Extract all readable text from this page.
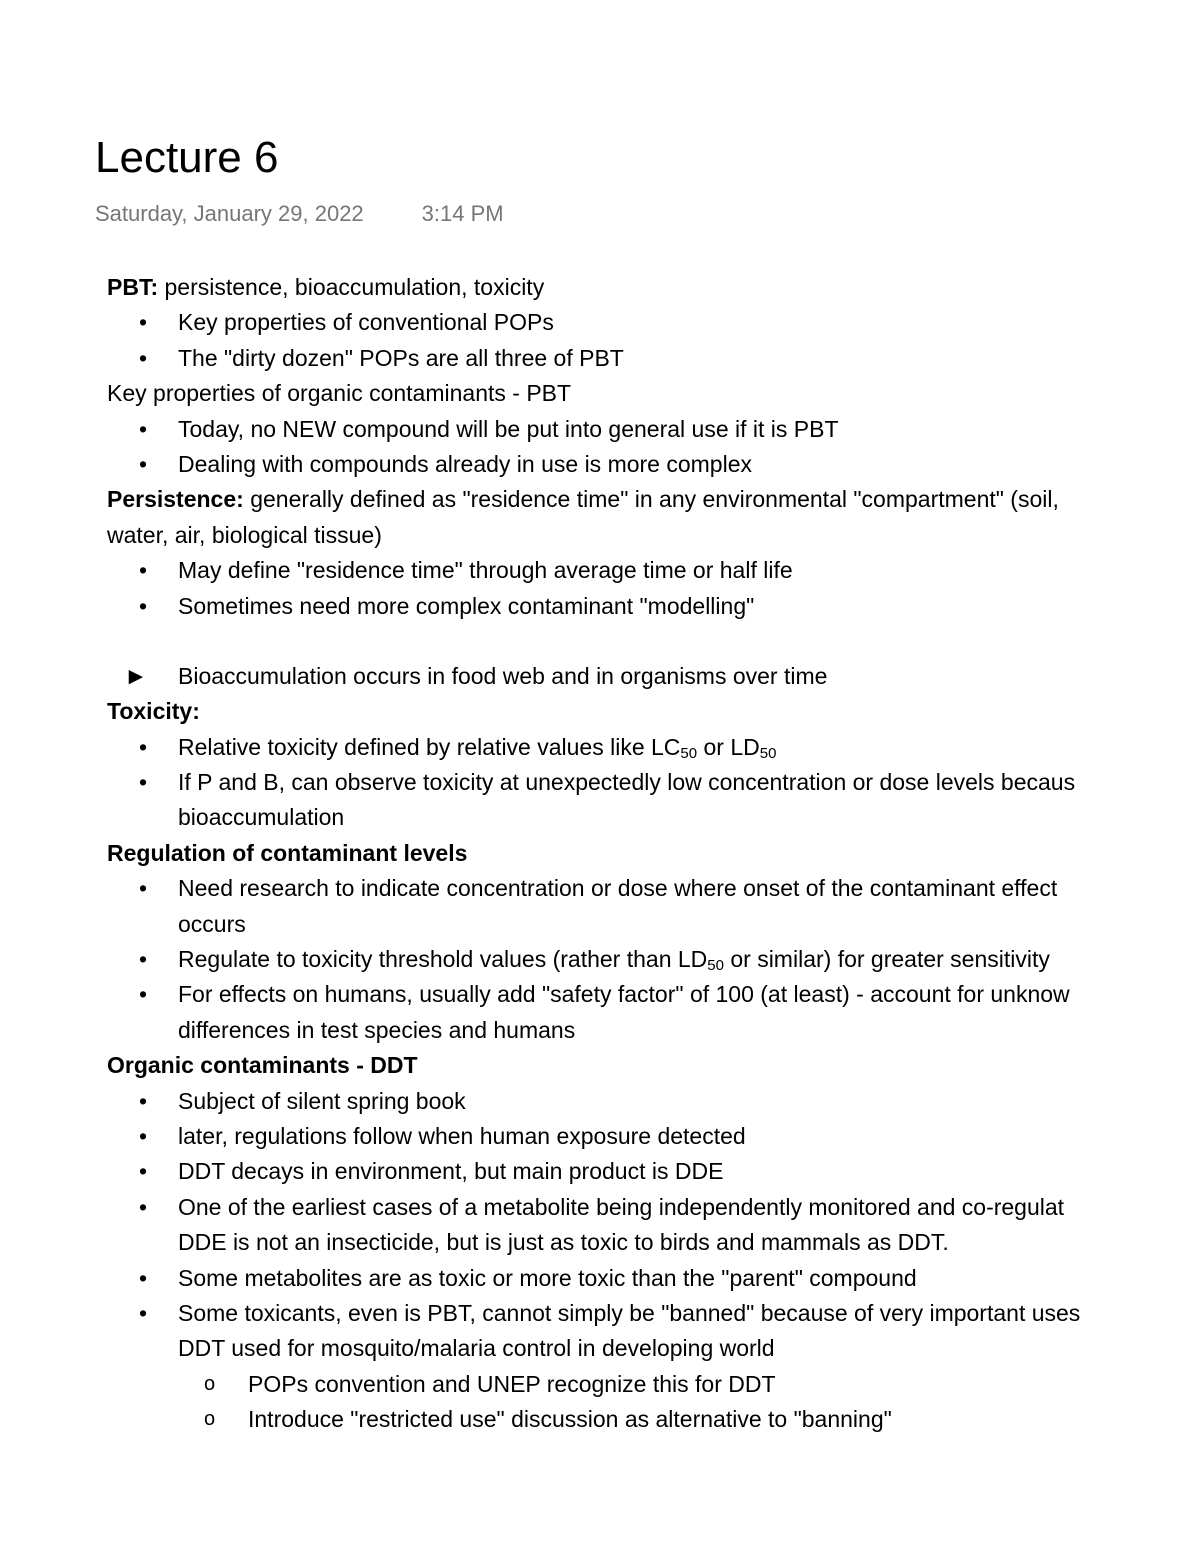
Lecture 6
Saturday, January 29, 2022	3:14 PM
PBT: persistence, bioaccumulation, toxicity
• Key properties of conventional POPs
• The "dirty dozen" POPs are all three of PBT
Key properties of organic contaminants - PBT
• Today, no NEW compound will be put into general use if it is PBT
• Dealing with compounds already in use is more complex
Persistence: generally defined as "residence time" in any environmental "compartment" (soil,
water, air, biological tissue)
• May define "residence time" through average time or half life
• Sometimes need more complex contaminant "modelling"
► Bioaccumulation occurs in food web and in organisms over time
Toxicity:
• Relative toxicity defined by relative values like $LC_{50}$ or $LD_{50}$
• If P and B, can observe toxicity at unexpectedly low concentration or dose levels becaus
bioaccumulation
Regulation of contaminant levels
• Need research to indicate concentration or dose where onset of the contaminant effect
occurs
• Regulate to toxicity threshold values (rather than $LD_{50}$ or similar) for greater sensitivity
• For effects on humans, usually add "safety factor" of 100 (at least) - account for unknow
differences in test species and humans
Organic contaminants - DDT
• Subject of silent spring book
• later, regulations follow when human exposure detected
• DDT decays in environment, but main product is DDE
• One of the earliest cases of a metabolite being independently monitored and co-regulat
DDE is not an insecticide, but is just as toxic to birds and mammals as DDT.
• Some metabolites are as toxic or more toxic than the "parent" compound
• Some toxicants, even is PBT, cannot simply be "banned" because of very important uses
DDT used for mosquito/malaria control in developing world
o POPs convention and UNEP recognize this for DDT
o Introduce "restricted use" discussion as alternative to "banning"
